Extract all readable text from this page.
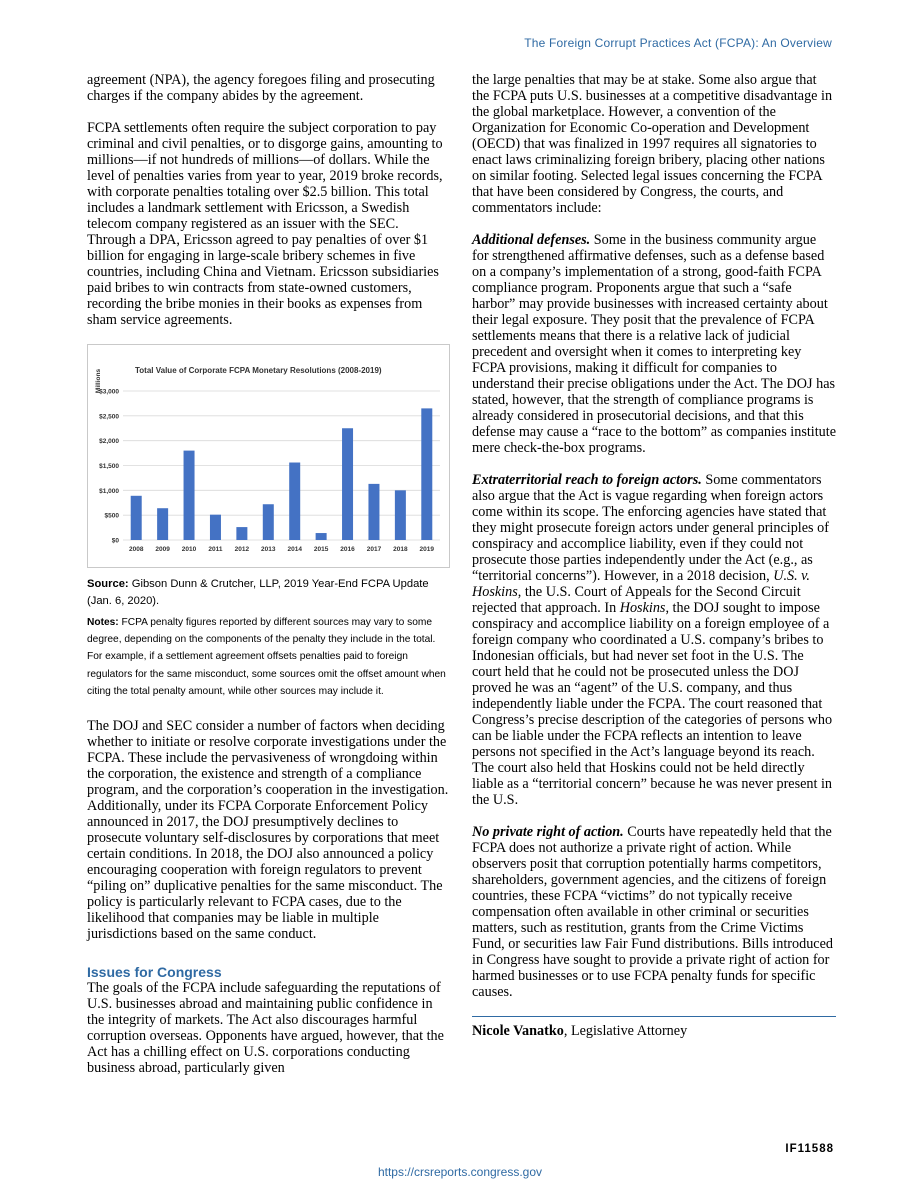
The Foreign Corrupt Practices Act (FCPA): An Overview

agreement (NPA), the agency foregoes filing and prosecuting charges if the company abides by the agreement.

FCPA settlements often require the subject corporation to pay criminal and civil penalties, or to disgorge gains, amounting to millions—if not hundreds of millions—of dollars. While the level of penalties varies from year to year, 2019 broke records, with corporate penalties totaling over $2.5 billion. This total includes a landmark settlement with Ericsson, a Swedish telecom company registered as an issuer with the SEC. Through a DPA, Ericsson agreed to pay penalties of over $1 billion for engaging in large-scale bribery schemes in five countries, including China and Vietnam. Ericsson subsidiaries paid bribes to win contracts from state-owned customers, recording the bribe monies in their books as expenses from sham service agreements.

Millions	Total Value of Corporate FCPA Monetary Resolutions (2008-2019)
$0
$500
$1,000
$1,500
$2,000
$2,500
$3,000
2008 2009 2010 2011 2012 2013 2014 2015 2016 2017 2018 2019

Source: Gibson Dunn & Crutcher, LLP, 2019 Year-End FCPA Update (Jan. 6, 2020).

Notes: FCPA penalty figures reported by different sources may vary to some degree, depending on the components of the penalty they include in the total. For example, if a settlement agreement offsets penalties paid to foreign regulators for the same misconduct, some sources omit the offset amount when citing the total penalty amount, while other sources may include it.

The DOJ and SEC consider a number of factors when deciding whether to initiate or resolve corporate investigations under the FCPA. These include the pervasiveness of wrongdoing within the corporation, the existence and strength of a compliance program, and the corporation’s cooperation in the investigation. Additionally, under its FCPA Corporate Enforcement Policy announced in 2017, the DOJ presumptively declines to prosecute voluntary self-disclosures by corporations that meet certain conditions. In 2018, the DOJ also announced a policy encouraging cooperation with foreign regulators to prevent “piling on” duplicative penalties for the same misconduct. The policy is particularly relevant to FCPA cases, due to the likelihood that companies may be liable in multiple jurisdictions based on the same conduct.

Issues for Congress

The goals of the FCPA include safeguarding the reputations of U.S. businesses abroad and maintaining public confidence in the integrity of markets. The Act also discourages harmful corruption overseas. Opponents have argued, however, that the Act has a chilling effect on U.S. corporations conducting business abroad, particularly given

the large penalties that may be at stake. Some also argue that the FCPA puts U.S. businesses at a competitive disadvantage in the global marketplace. However, a convention of the Organization for Economic Co-operation and Development (OECD) that was finalized in 1997 requires all signatories to enact laws criminalizing foreign bribery, placing other nations on similar footing. Selected legal issues concerning the FCPA that have been considered by Congress, the courts, and commentators include:

Additional defenses. Some in the business community argue for strengthened affirmative defenses, such as a defense based on a company’s implementation of a strong, good-faith FCPA compliance program. Proponents argue that such a “safe harbor” may provide businesses with increased certainty about their legal exposure. They posit that the prevalence of FCPA settlements means that there is a relative lack of judicial precedent and oversight when it comes to interpreting key FCPA provisions, making it difficult for companies to understand their precise obligations under the Act. The DOJ has stated, however, that the strength of compliance programs is already considered in prosecutorial decisions, and that this defense may cause a “race to the bottom” as companies institute mere check-the-box programs.

Extraterritorial reach to foreign actors. Some commentators also argue that the Act is vague regarding when foreign actors come within its scope. The enforcing agencies have stated that they might prosecute foreign actors under general principles of conspiracy and accomplice liability, even if they could not prosecute those parties independently under the Act (e.g., as “territorial concerns”). However, in a 2018 decision, U.S. v. Hoskins, the U.S. Court of Appeals for the Second Circuit rejected that approach. In Hoskins, the DOJ sought to impose conspiracy and accomplice liability on a foreign employee of a foreign company who coordinated a U.S. company’s bribes to Indonesian officials, but had never set foot in the U.S. The court held that he could not be prosecuted unless the DOJ proved he was an “agent” of the U.S. company, and thus independently liable under the FCPA. The court reasoned that Congress’s precise description of the categories of persons who can be liable under the FCPA reflects an intention to leave persons not specified in the Act’s language beyond its reach. The court also held that Hoskins could not be held directly liable as a “territorial concern” because he was never present in the U.S.

No private right of action. Courts have repeatedly held that the FCPA does not authorize a private right of action. While observers posit that corruption potentially harms competitors, shareholders, government agencies, and the citizens of foreign countries, these FCPA “victims” do not typically receive compensation often available in other criminal or securities matters, such as restitution, grants from the Crime Victims Fund, or securities law Fair Fund distributions. Bills introduced in Congress have sought to provide a private right of action for harmed businesses or to use FCPA penalty funds for specific causes.

Nicole Vanatko, Legislative Attorney

IF11588
https://crsreports.congress.gov
